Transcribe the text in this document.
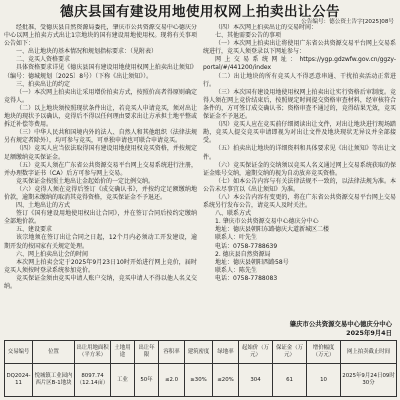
德庆县国有建设用地使用权网上拍卖出让公告
公告编号：德公资土告字[2025]08号

经批准，受德庆县自然资源局委托，肇庆市公共资源交易中心德庆分中心以网上拍卖方式出让1宗地块的国有建设用地使用权。现将有关事项公告如下：

一、出让地块的基本情况和规划指标要求：（见附表）

二、竞买人资格要求

具体资格要求详见《德庆县国有建设用地使用权网上拍卖出让须知》（编号：德城规划〔2025〕8号）（下称《出让须知》）。

三、拍卖出让的约定

（一）本次网上拍卖出让采用增价拍卖方式，按照价高者得原则确定竞得人。

（二）以上地块须按照现状条件出让，若竞买人申请竞买，须对出让地块的现状予以确认，竞得后不得以任何理由要求出让方承担土地平整或拆迁补偿等费用。

（三）中华人民共和国境内外的法人、自然人和其他组织（法律法规另有规定者除外），均可参与竞买，可单独申请也可联合申请竞买。

（四）竞买人应当依法取得国有建设用地使用权竞买资格，并按规定足额缴纳竞买保证金。

（五）竞买人须在广东省公共资源交易平台网上交易系统进行注册，并办理数字证书（CA）后方可参与网上交易。

竞买保证金按照土地出让金起始价的一定比例交纳。

（六）竞得人须在竞得后签订《成交确认书》，并按约定足额缴纳地价款，逾期未缴纳的取消其竞得资格，竞买保证金不予退还。

四、土地出让的方式

签订《国有建设用地使用权出让合同》，并在签订合同后按约定缴纳全部地价款。

五、建设要求

该宗地须在签订出让合同之日起，12个月内必须动工开发建设，逾期开发的按国家有关规定处理。

六、网上拍卖出让会的时间

本次网上拍卖会定于2025年9月23日10时开始进行网上竞价，届时竞买人须按时登录系统参加竞价。

竞买保证金须由竞买申请人账户交纳，竞买申请人不得以他人名义交纳。

（四）本次网上拍卖出让的交易时间：

七、其他需要公告的事项

（一）本次网上拍卖出让将使用广东省公共资源交易平台网上交易系统进行，竞买人须登录以下网址参与：

网 上 交 易 系 统 网 址 ： https://ygp.gdzwfw.gov.cn/ggzy-portal/#/441200/index

（二）出让地块的所有竞买人不得恶意串通、干扰拍卖活动正常进行。

（三）本次国有建设用地使用权网上拍卖出让实行资格后审制度。竞得人须在网上竞价结束后，按照规定时间提交资格审查材料，经审核符合条件的，方可签订成交确认书；资格审查不通过的，竞得结果无效，竞买保证金不予退还。

（四）竞买人应在竞买前仔细阅读出让文件，对出让地块进行现场踏勘，竞买人提交竞买申请即视为对出让文件及地块现状无异议并全部接受。

（五）拍卖出让地块的详细资料和具体要求见《出让须知》等出让文件。

（六）竞买保证金的交纳须以竞买人名义通过网上交易系统获取的保证金账号交纳，逾期交纳的视为自动放弃竞买资格。

（七）如本公告内容与有关法律法规不一致的，以法律法规为准。本公告未尽事宜以《出让须知》为准。

（八）本公告内容有变更的，将在广东省公共资源交易平台网上交易系统另行发布公告，请竞买人及时关注。

八、联系方式

1. 肇庆市公共资源交易中心德庆分中心

地址：德庆县朝阳东路德庆大道新城区二楼

联系人：叶先生

电话：0758-7788639

2. 德庆县自然资源局

地址：德庆县朝阳西路58号

联系人：陈先生

电话：0758-7788083

肇庆市公共资源交易中心德庆分中心
2025年9月4日
交易编号	位置	出让用地面积（平方米）	土地用途	出让年限	容积率	建筑密度	绿地率	起始价（万元）	保证金（万元）	增价幅度（万元）	网上拍卖截止时间
DQ2024-11	悦城镇工业园内西片区B-1地块	8097.74（12.14亩）	工业	50年	≤2.0	≥30%	≤20%	304	61	10	2025年9月24日09时30分
